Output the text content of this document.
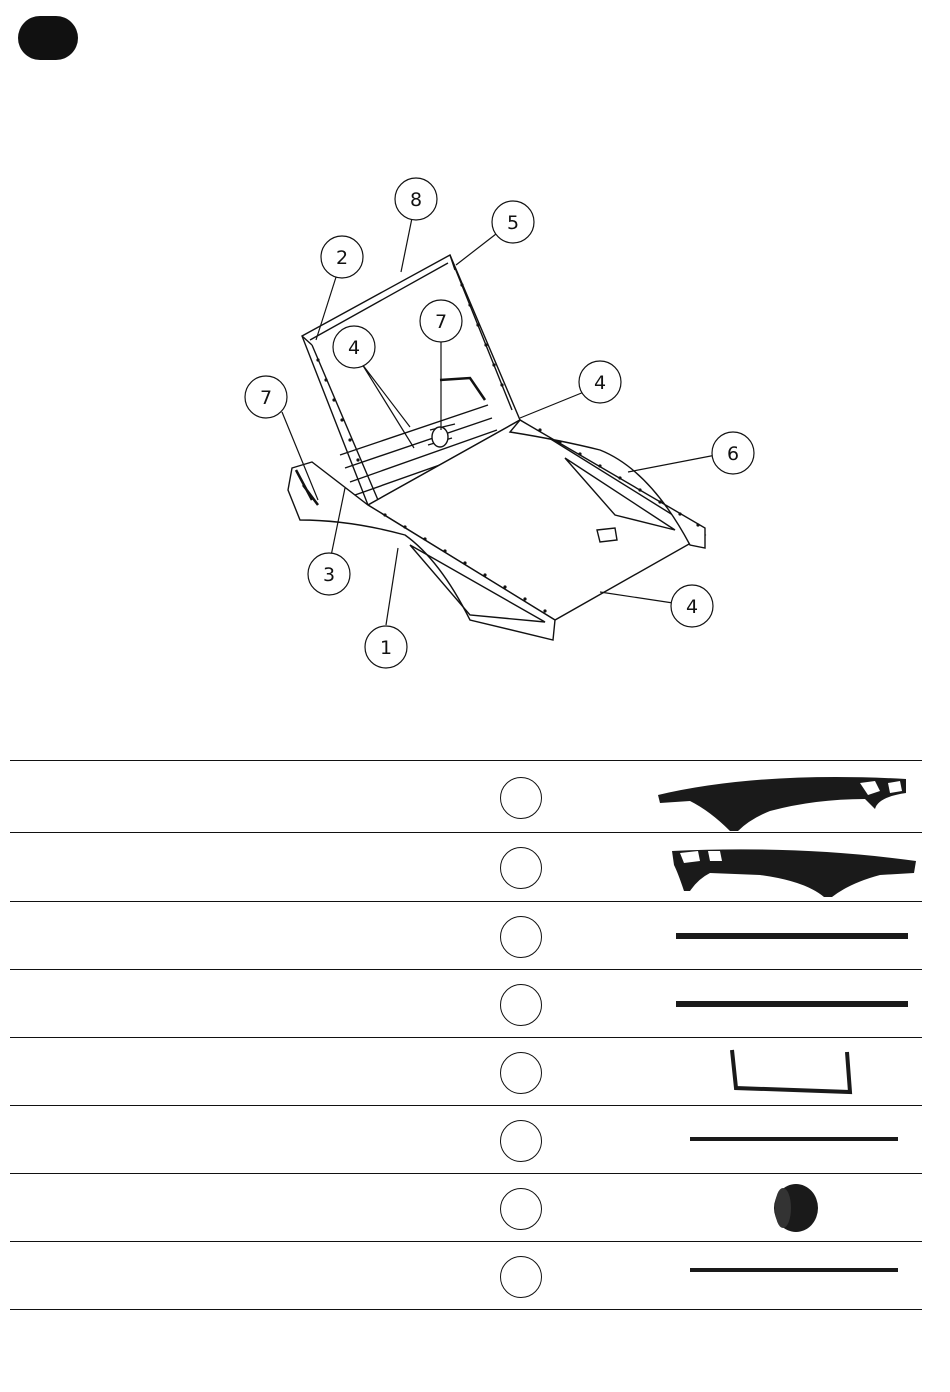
8
5
2
7
4
4
7
6
3
4
1
